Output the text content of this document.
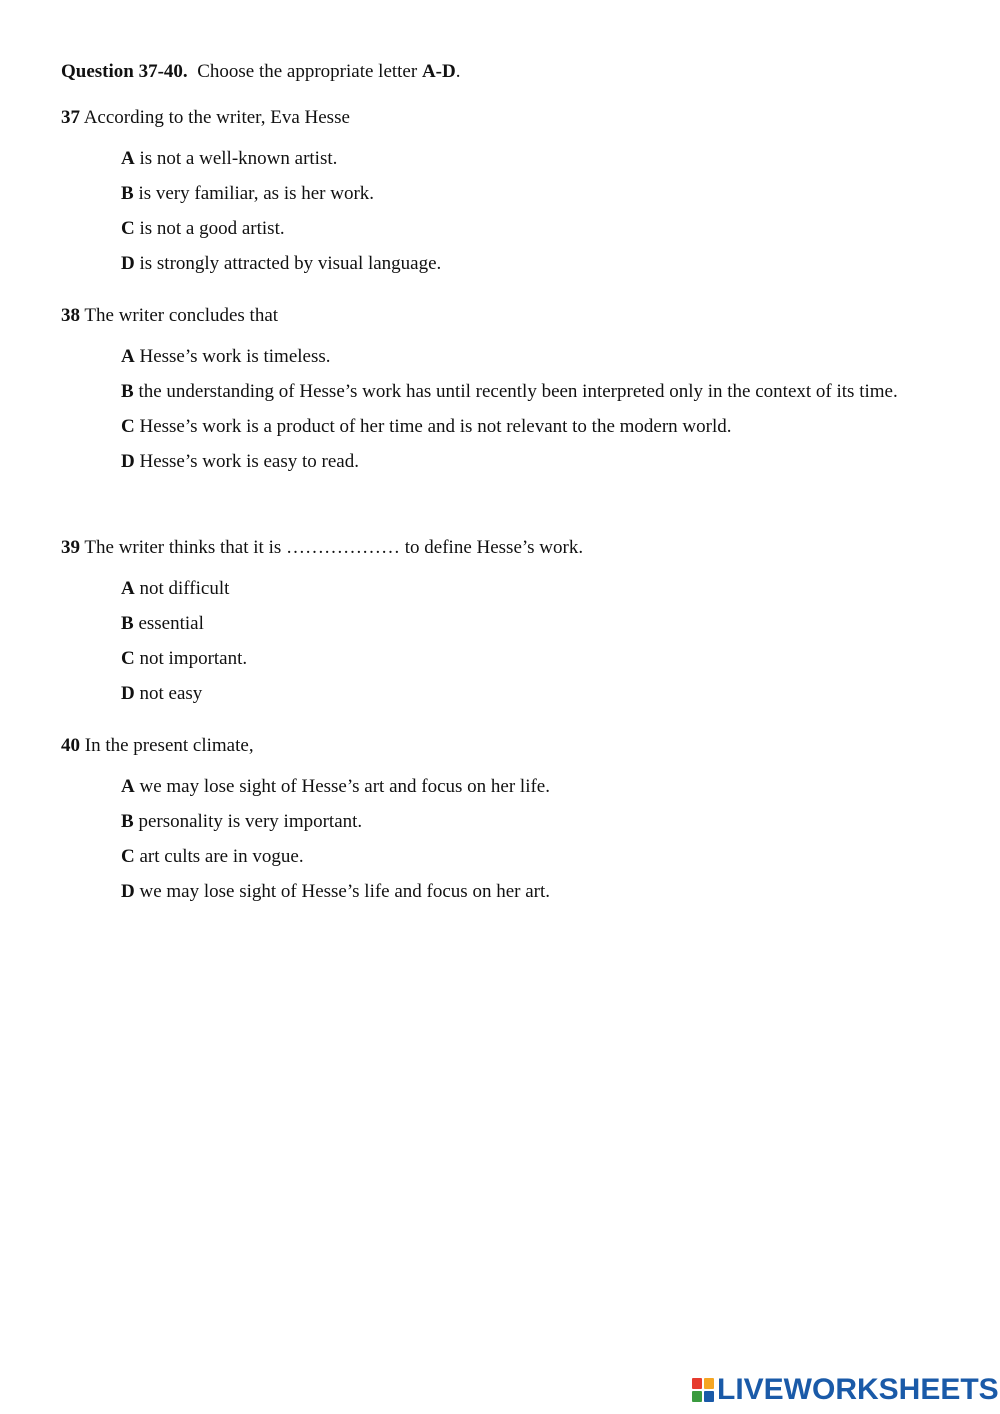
Question 37-40. Choose the appropriate letter A-D.
37 According to the writer, Eva Hesse
A is not a well-known artist.
B is very familiar, as is her work.
C is not a good artist.
D is strongly attracted by visual language.
38 The writer concludes that
A Hesse’s work is timeless.
B the understanding of Hesse’s work has until recently been interpreted only in the context of its time.
C Hesse’s work is a product of her time and is not relevant to the modern world.
D Hesse’s work is easy to read.
39 The writer thinks that it is ……………… to define Hesse’s work.
A not difficult
B essential
C not important.
D not easy
40 In the present climate,
A we may lose sight of Hesse’s art and focus on her life.
B personality is very important.
C art cults are in vogue.
D we may lose sight of Hesse’s life and focus on her art.
LIVEWORKSHEETS
